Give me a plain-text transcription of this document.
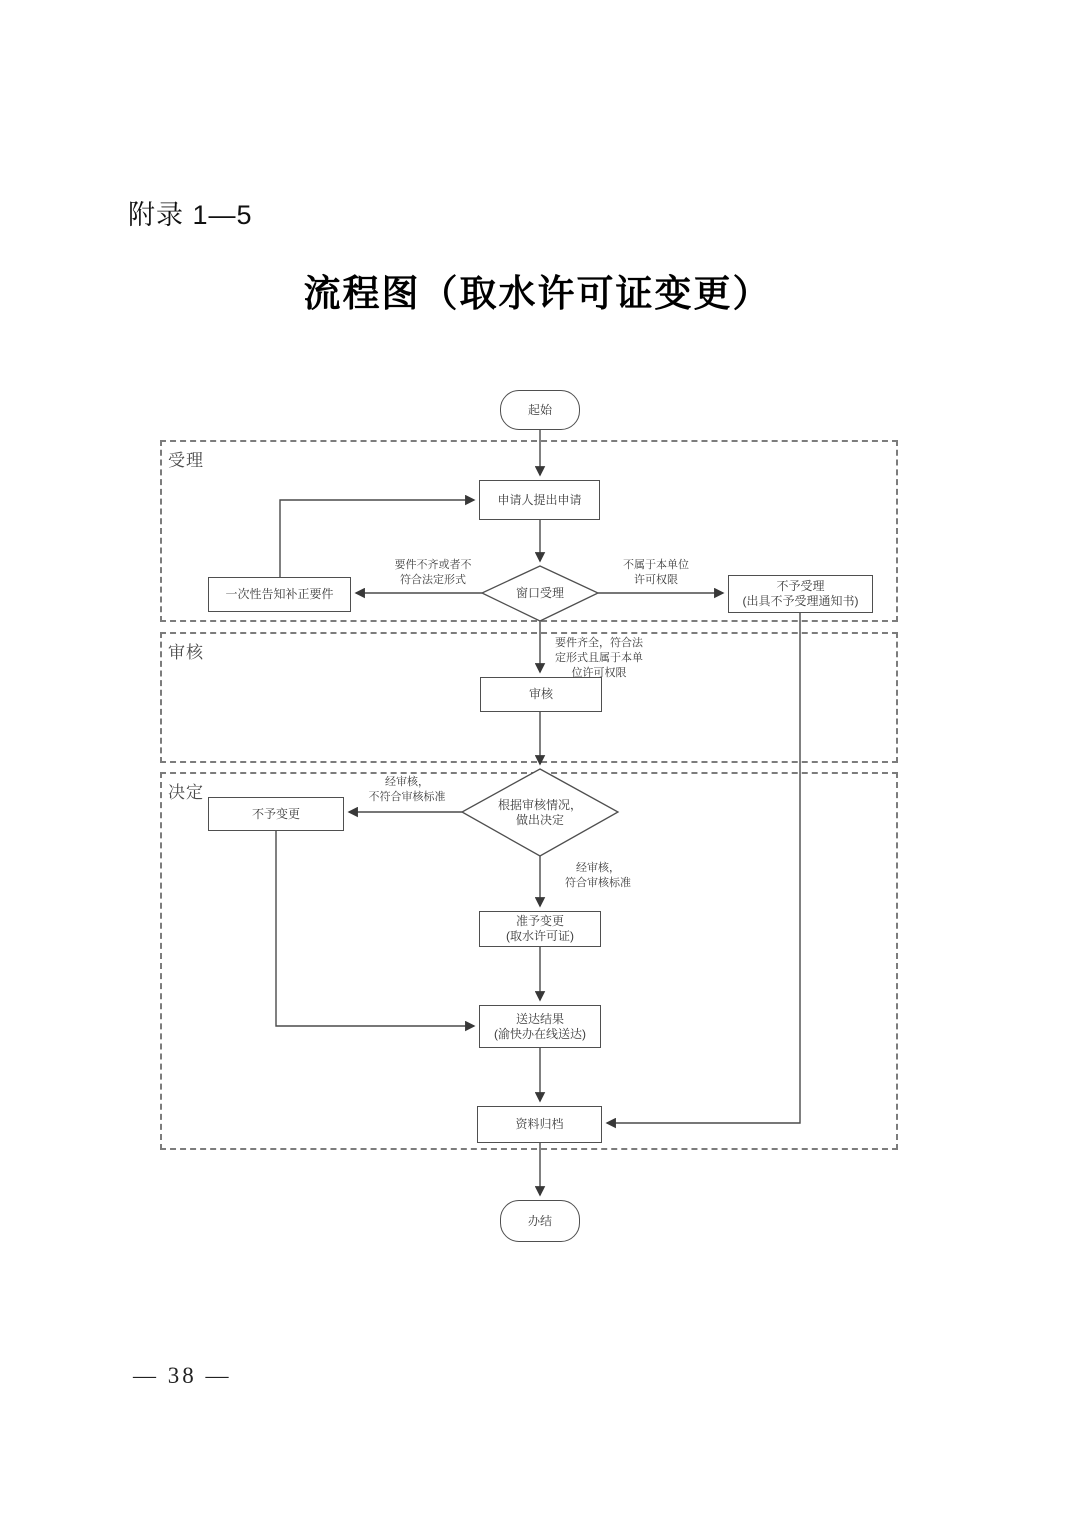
附录 1—5
流程图（取水许可证变更）
受理
审核
决定
起始
申请人提出申请
窗口受理
一次性告知补正要件
不予受理
(出具不予受理通知书)
审核
根据审核情况，
做出决定
不予变更
准予变更
(取水许可证)
送达结果
(渝快办在线送达)
资料归档
办结
要件不齐或者不
符合法定形式
不属于本单位
许可权限
要件齐全，符合法
定形式且属于本单
位许可权限
经审核，
不符合审核标准
经审核，
符合审核标准
— 38 —
